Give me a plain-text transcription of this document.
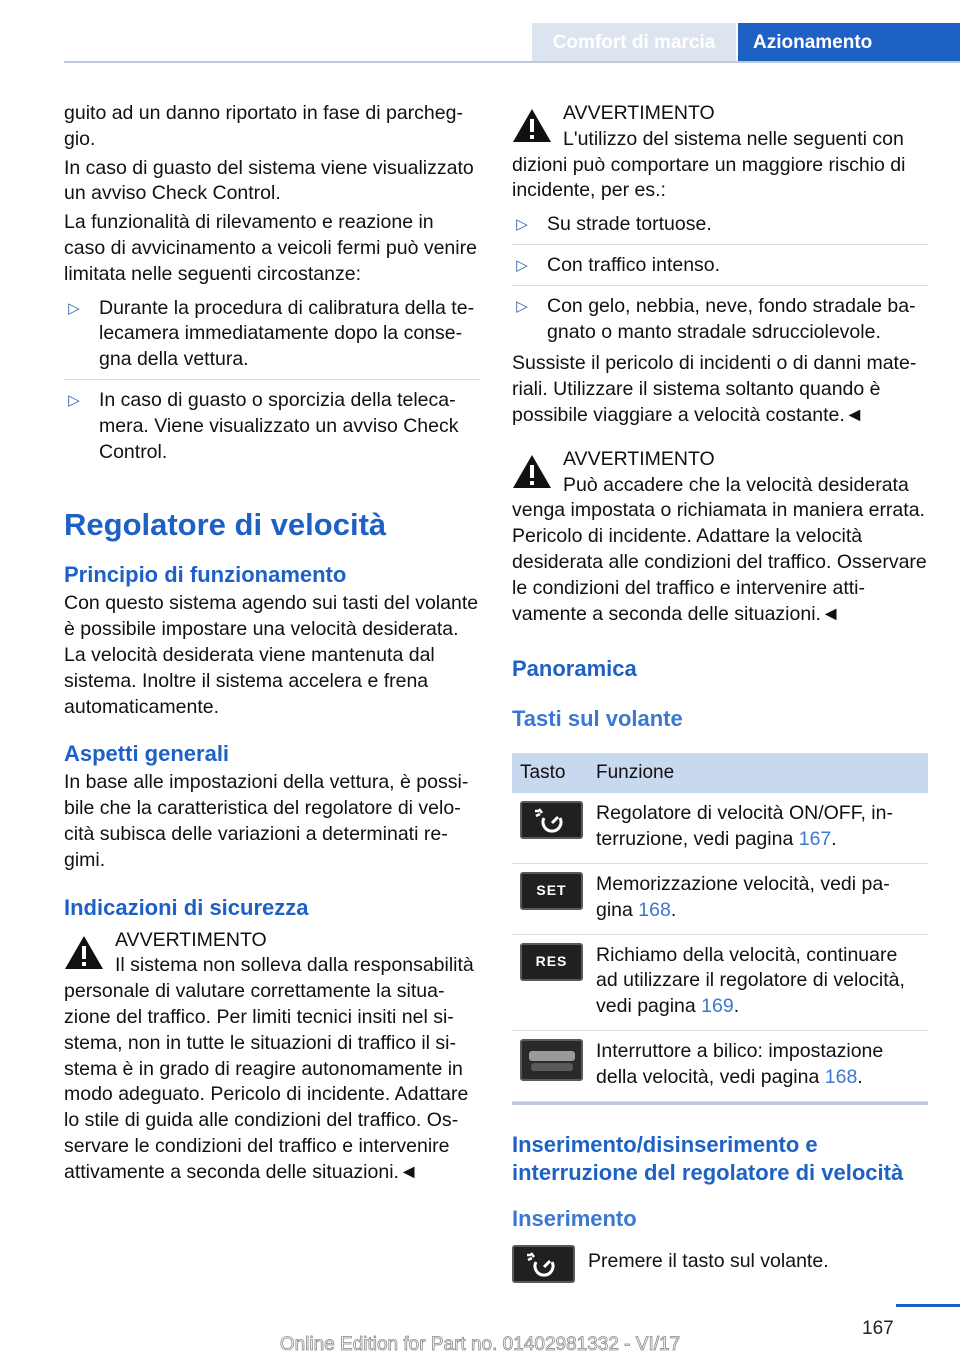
Comfort di marcia	Azionamento

guito ad un danno riportato in fase di parcheggio.

In caso di guasto del sistema viene visualizzato un avviso Check Control.

La funzionalità di rilevamento e reazione in caso di avvicinamento a veicoli fermi può venire limitata nelle seguenti circostanze:

▷ Durante la procedura di calibratura della telecamera immediatamente dopo la consegna della vettura.
▷ In caso di guasto o sporcizia della telecamera. Viene visualizzato un avviso Check Control.
Regolatore di velocità
Principio di funzionamento

Con questo sistema agendo sui tasti del volante è possibile impostare una velocità desiderata. La velocità desiderata viene mantenuta dal sistema. Inoltre il sistema accelera e frena automaticamente.

Aspetti generali

In base alle impostazioni della vettura, è possibile che la caratteristica del regolatore di velocità subisca delle variazioni a determinati regimi.

Indicazioni di sicurezza
AVVERTIMENTO
Il sistema non solleva dalla responsabilità
personale di valutare correttamente la situazione del traffico. Per limiti tecnici insiti nel sistema, non in tutte le situazioni di traffico il sistema è in grado di reagire autonomamente in modo adeguato. Pericolo di incidente. Adattare lo stile di guida alle condizioni del traffico. Osservare le condizioni del traffico e intervenire attivamente a seconda delle situazioni.◄
AVVERTIMENTO
L'utilizzo del sistema nelle seguenti con
dizioni può comportare un maggiore rischio di incidente, per es.:
▷ Su strade tortuose.
▷ Con traffico intenso.
▷ Con gelo, nebbia, neve, fondo stradale bagnato o manto stradale sdrucciolevole.

Sussiste il pericolo di incidenti o di danni materiali. Utilizzare il sistema soltanto quando è possibile viaggiare a velocità costante.◄

AVVERTIMENTO
Può accadere che la velocità desiderata
venga impostata o richiamata in maniera errata. Pericolo di incidente. Adattare la velocità desiderata alle condizioni del traffico. Osservare le condizioni del traffico e intervenire attivamente a seconda delle situazioni.◄
Panoramica
Tasti sul volante
Tasto	Funzione

	Regolatore di velocità ON/OFF, interruzione, vedi pagina 167.

SET	Memorizzazione velocità, vedi pagina 168.

RES	Richiamo della velocità, continuare ad utilizzare il regolatore di velocità, vedi pagina 169.

	Interruttore a bilico: impostazione della velocità, vedi pagina 168.
Inserimento/disinserimento e interruzione del regolatore di velocità
Inserimento
Premere il tasto sul volante.
167
Online Edition for Part no. 01402981332 - VI/17
